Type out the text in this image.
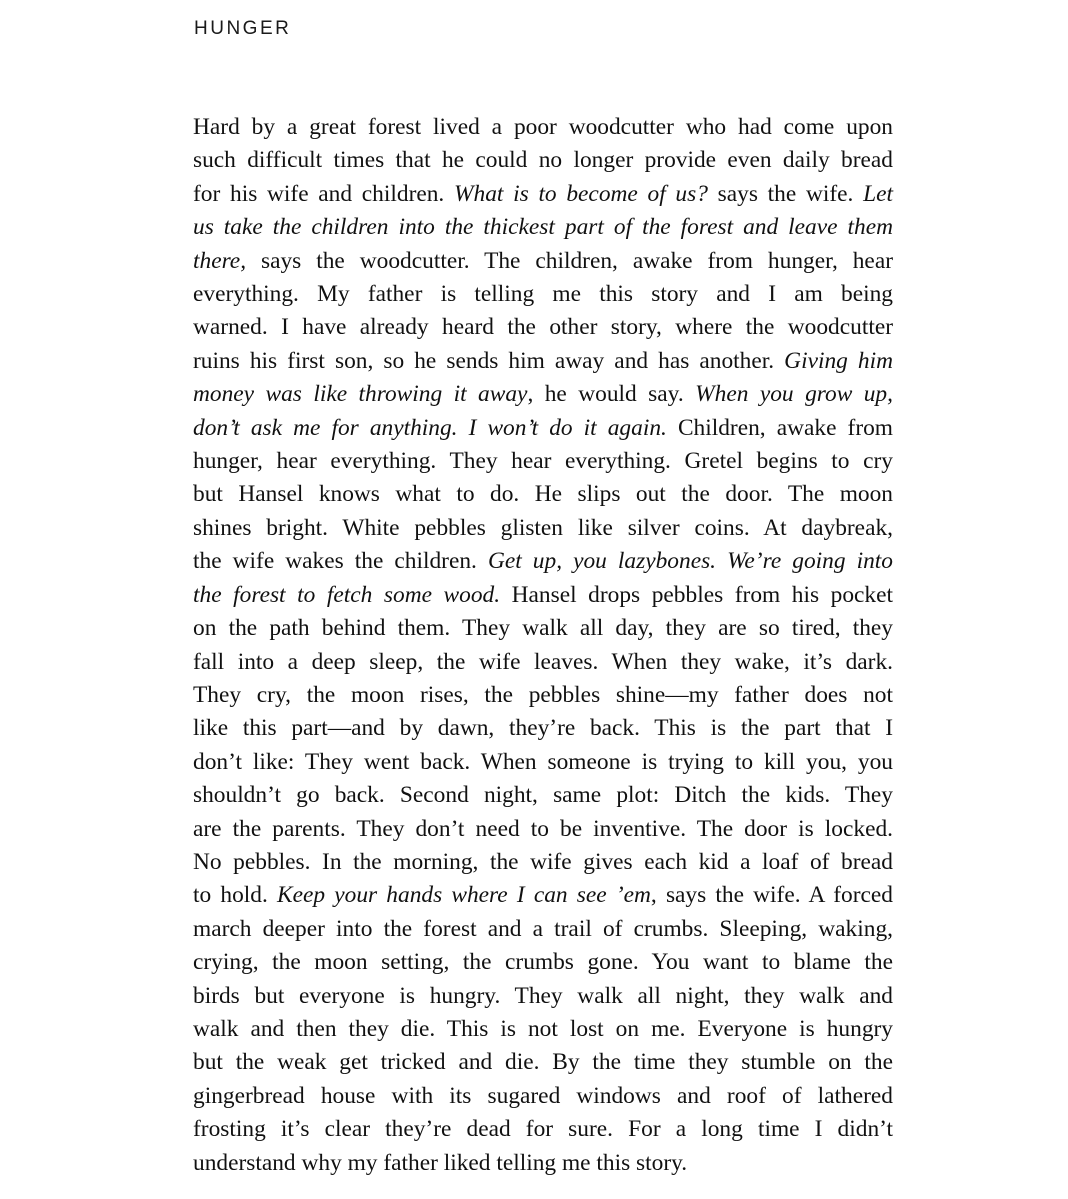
HUNGER
Hard by a great forest lived a poor woodcutter who had come upon
such difficult times that he could no longer provide even daily bread
for his wife and children. What is to become of us? says the wife. Let
us take the children into the thickest part of the forest and leave them
there, says the woodcutter. The children, awake from hunger, hear
everything. My father is telling me this story and I am being
warned. I have already heard the other story, where the woodcutter
ruins his first son, so he sends him away and has another. Giving him
money was like throwing it away, he would say. When you grow up,
don’t ask me for anything. I won’t do it again. Children, awake from
hunger, hear everything. They hear everything. Gretel begins to cry
but Hansel knows what to do. He slips out the door. The moon
shines bright. White pebbles glisten like silver coins. At daybreak,
the wife wakes the children. Get up, you lazybones. We’re going into
the forest to fetch some wood. Hansel drops pebbles from his pocket
on the path behind them. They walk all day, they are so tired, they
fall into a deep sleep, the wife leaves. When they wake, it’s dark.
They cry, the moon rises, the pebbles shine—my father does not
like this part—and by dawn, they’re back. This is the part that I
don’t like: They went back. When someone is trying to kill you, you
shouldn’t go back. Second night, same plot: Ditch the kids. They
are the parents. They don’t need to be inventive. The door is locked.
No pebbles. In the morning, the wife gives each kid a loaf of bread
to hold. Keep your hands where I can see ’em, says the wife. A forced
march deeper into the forest and a trail of crumbs. Sleeping, waking,
crying, the moon setting, the crumbs gone. You want to blame the
birds but everyone is hungry. They walk all night, they walk and
walk and then they die. This is not lost on me. Everyone is hungry
but the weak get tricked and die. By the time they stumble on the
gingerbread house with its sugared windows and roof of lathered
frosting it’s clear they’re dead for sure. For a long time I didn’t
understand why my father liked telling me this story.
